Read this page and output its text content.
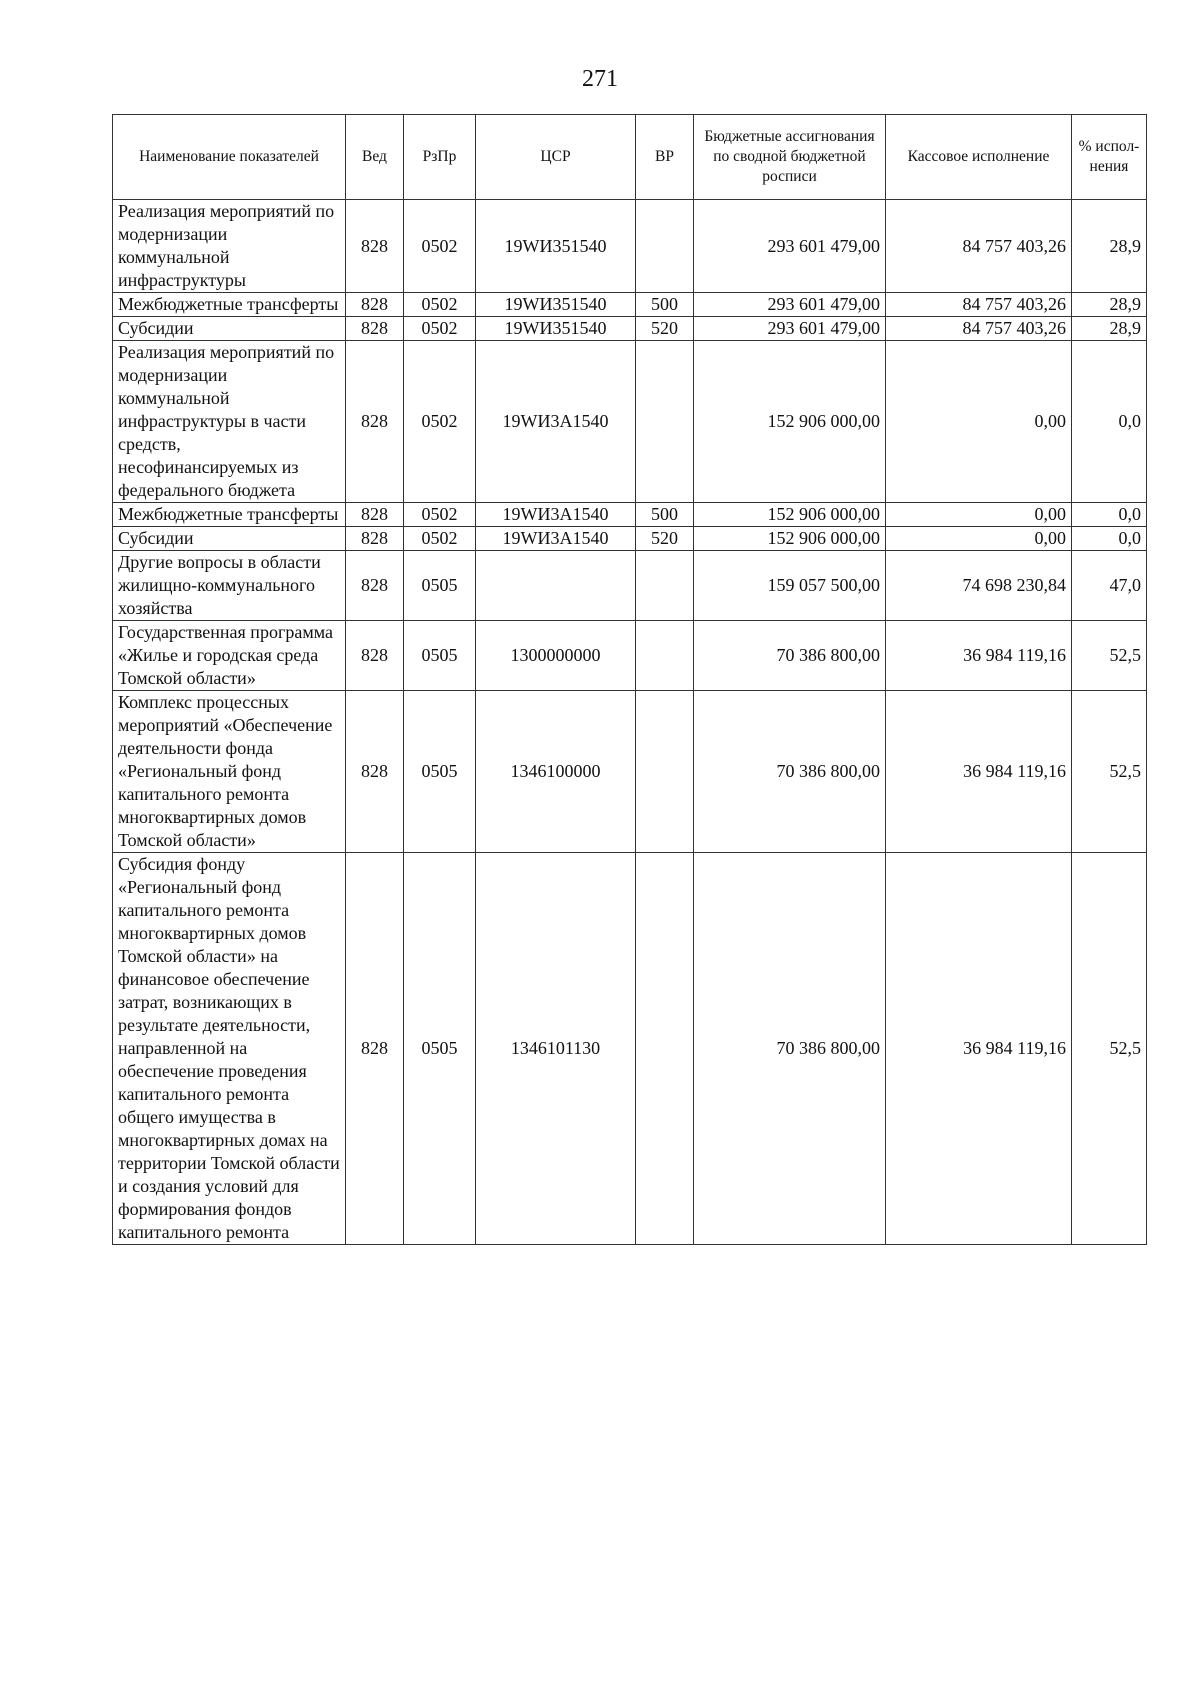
271
Наименование показателей	Вед	РзПр	ЦСР	ВР	Бюджетные ассигнования по сводной бюджетной росписи	Кассовое исполнение	% испол-нения
Реализация мероприятий по модернизации коммунальной инфраструктуры	828	0502	19WИ351540		293 601 479,00	84 757 403,26	28,9
Межбюджетные трансферты	828	0502	19WИ351540	500	293 601 479,00	84 757 403,26	28,9
Субсидии	828	0502	19WИ351540	520	293 601 479,00	84 757 403,26	28,9
Реализация мероприятий по модернизации коммунальной инфраструктуры в части средств, несофинансируемых из федерального бюджета	828	0502	19WИ3А1540		152 906 000,00	0,00	0,0
Межбюджетные трансферты	828	0502	19WИ3А1540	500	152 906 000,00	0,00	0,0
Субсидии	828	0502	19WИ3А1540	520	152 906 000,00	0,00	0,0
Другие вопросы в области жилищно-коммунального хозяйства	828	0505			159 057 500,00	74 698 230,84	47,0
Государственная программа «Жилье и городская среда Томской области»	828	0505	1300000000		70 386 800,00	36 984 119,16	52,5
Комплекс процессных мероприятий «Обеспечение деятельности фонда «Региональный фонд капитального ремонта многоквартирных домов Томской области»	828	0505	1346100000		70 386 800,00	36 984 119,16	52,5
Субсидия фонду «Региональный фонд капитального ремонта многоквартирных домов Томской области» на финансовое обеспечение затрат, возникающих в результате деятельности, направленной на обеспечение проведения капитального ремонта общего имущества в многоквартирных домах на территории Томской области и создания условий для формирования фондов капитального ремонта	828	0505	1346101130		70 386 800,00	36 984 119,16	52,5
